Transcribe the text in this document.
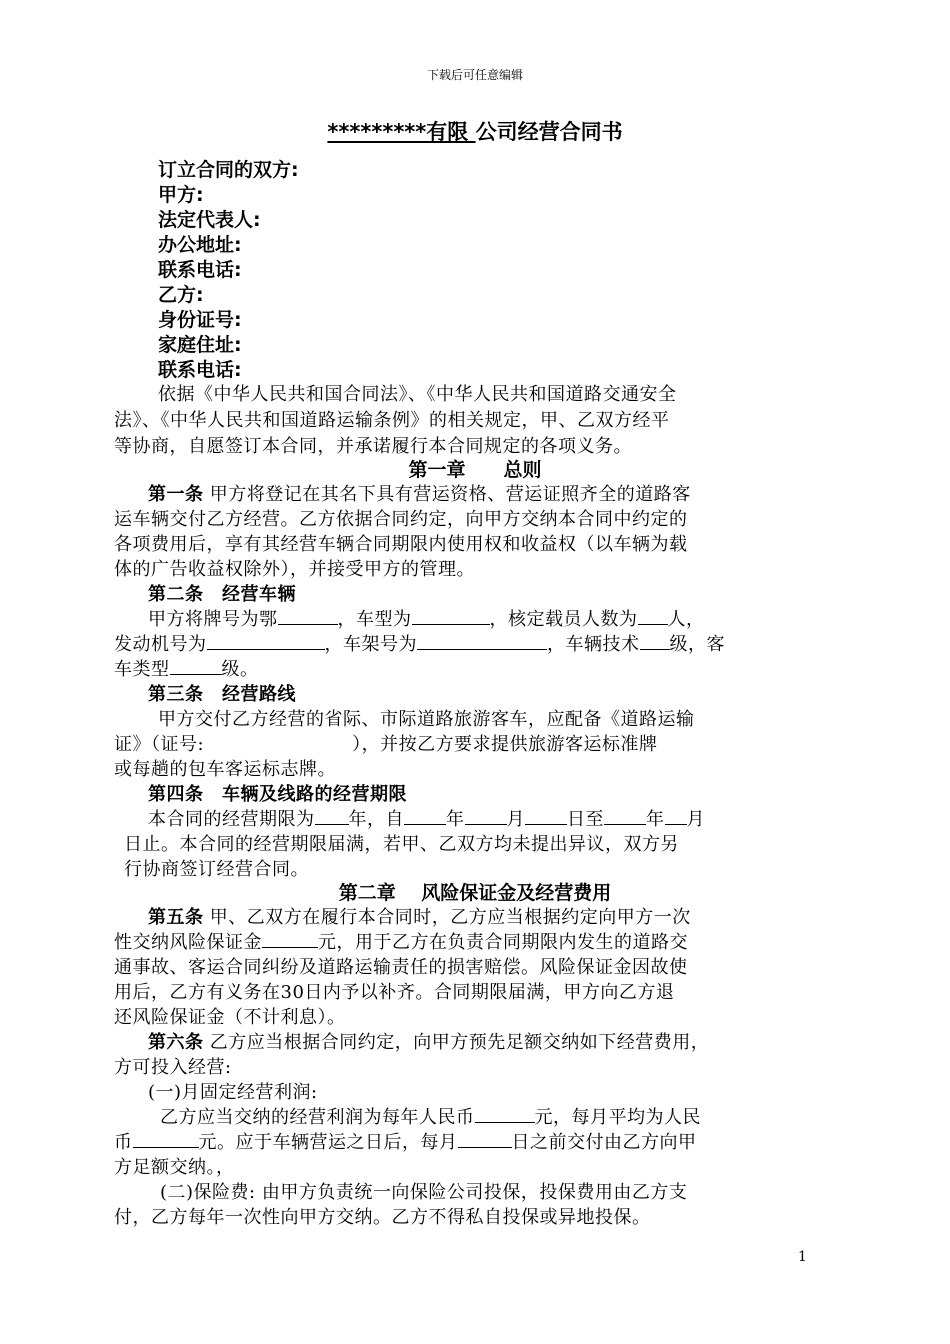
下载后可任意编辑
*********有限 公司经营合同书
订立合同的双方:
甲方:
法定代表人:
办公地址:
联系电话:
乙方:
身份证号:
家庭住址:
联系电话:
依据《中华人民共和国合同法》、《中华人民共和国道路交通安全
法》、《中华人民共和国道路运输条例》的相关规定，甲、乙双方经平
等协商，自愿签订本合同，并承诺履行本合同规定的各项义务。
第一章　　总则
第一条 甲方将登记在其名下具有营运资格、营运证照齐全的道路客
运车辆交付乙方经营。乙方依据合同约定，向甲方交纳本合同中约定的
各项费用后，享有其经营车辆合同期限内使用权和收益权（以车辆为载
体的广告收益权除外），并接受甲方的管理。
第二条　经营车辆
甲方将牌号为鄂	，车型为	，核定载员人数为 人，
发动机号为	，车架号为	，车辆技术 级，客
车类型	级。
第三条　经营路线
甲方交付乙方经营的省际、市际道路旅游客车，应配备《道路运输
证》（证号:　　　　　　　　），并按乙方要求提供旅游客运标准牌
或每趟的包车客运标志牌。
第四条　车辆及线路的经营期限
本合同的经营期限为 年，自 年 月 日至 年 月
日止。本合同的经营期限届满，若甲、乙双方均未提出异议，双方另
行协商签订经营合同。
第二章　 风险保证金及经营费用
第五条 甲、乙双方在履行本合同时，乙方应当根据约定向甲方一次
性交纳风险保证金	元，用于乙方在负责合同期限内发生的道路交
通事故、客运合同纠纷及道路运输责任的损害赔偿。风险保证金因故使
用后，乙方有义务在30日内予以补齐。合同期限届满，甲方向乙方退
还风险保证金（不计利息）。
第六条 乙方应当根据合同约定，向甲方预先足额交纳如下经营费用，
方可投入经营:
(一)月固定经营利润:
乙方应当交纳的经营利润为每年人民币	元，每月平均为人民
币	元。应于车辆营运之日后，每月	日之前交付由乙方向甲
方足额交纳。，
(二)保险费: 由甲方负责统一向保险公司投保，投保费用由乙方支
付，乙方每年一次性向甲方交纳。乙方不得私自投保或异地投保。
1
